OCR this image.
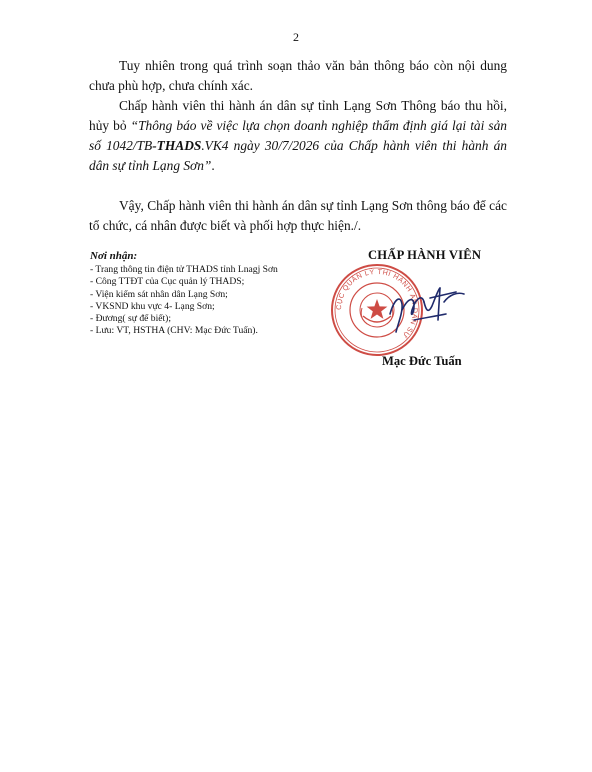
2
Tuy nhiên trong quá trình soạn thảo văn bản thông báo còn nội dung chưa phù hợp, chưa chính xác.
Chấp hành viên thi hành án dân sự tỉnh Lạng Sơn Thông báo thu hồi, hủy bỏ “Thông báo về việc lựa chọn doanh nghiệp thẩm định giá lại tài sản số 1042/TB-THADS.VK4 ngày 30/7/2026 của Chấp hành viên thi hành án dân sự tỉnh Lạng Sơn”.
Vậy, Chấp hành viên thi hành án dân sự tỉnh Lạng Sơn thông báo để các tổ chức, cá nhân được biết và phối hợp thực hiện./.
Nơi nhận:
- Trang thông tin điện tử THADS tỉnh Lnagj Sơn
- Công TTĐT của Cục quản lý THADS;
- Viện kiểm sát nhân dân Lạng Sơn;
- VKSND khu vực 4- Lạng Sơn;
- Đương( sự để biết);
- Lưu: VT, HSTHA (CHV: Mạc Đức Tuấn).
CHẤP HÀNH VIÊN
CỤC QUẢN LÝ THI HÀNH ÁN DÂN SỰ
Mạc Đức Tuấn
